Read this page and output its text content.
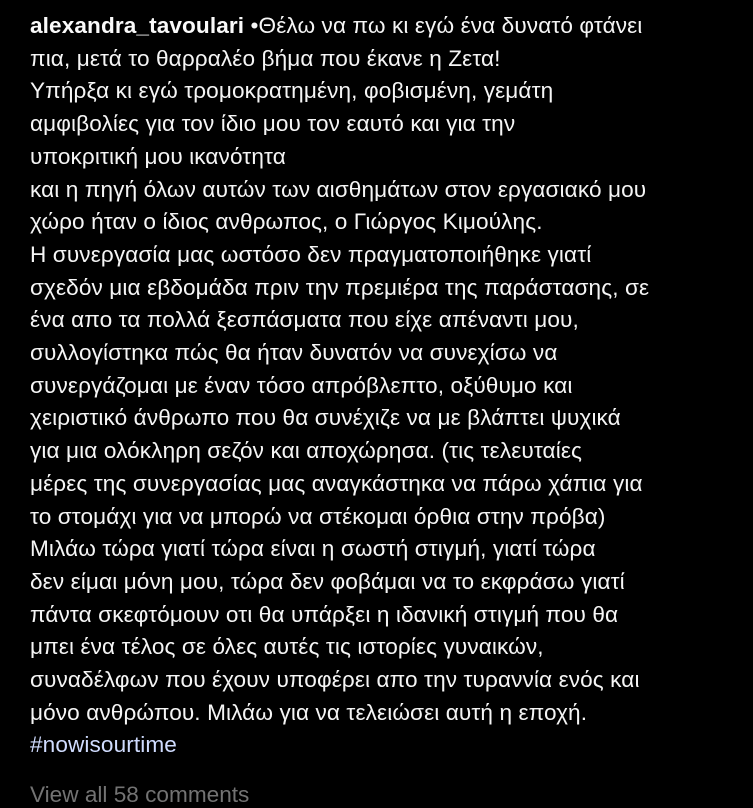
alexandra_tavoulari •Θέλω να πω κι εγώ ένα δυνατό φτάνει
πια, μετά το θαρραλέο βήμα που έκανε η Ζετα!
Υπήρξα κι εγώ τρομοκρατημένη, φοβισμένη, γεμάτη
αμφιβολίες για τον ίδιο μου τον εαυτό και για την
υποκριτική μου ικανότητα
και η πηγή όλων αυτών των αισθημάτων στον εργασιακό μου
χώρο ήταν ο ίδιος ανθρωπος, ο Γιώργος Κιμούλης.
Η συνεργασία μας ωστόσο δεν πραγματοποιήθηκε γιατί
σχεδόν μια εβδομάδα πριν την πρεμιέρα της παράστασης, σε
ένα απο τα πολλά ξεσπάσματα που είχε απέναντι μου,
συλλογίστηκα πώς θα ήταν δυνατόν να συνεχίσω να
συνεργάζομαι με έναν τόσο απρόβλεπτο, οξύθυμο και
χειριστικό άνθρωπο που θα συνέχιζε να με βλάπτει ψυχικά
για μια ολόκληρη σεζόν και αποχώρησα. (τις τελευταίες
μέρες της συνεργασίας μας αναγκάστηκα να πάρω χάπια για
το στομάχι για να μπορώ να στέκομαι όρθια στην πρόβα)
Μιλάω τώρα γιατί τώρα είναι η σωστή στιγμή, γιατί τώρα
δεν είμαι μόνη μου, τώρα δεν φοβάμαι να το εκφράσω γιατί
πάντα σκεφτόμουν οτι θα υπάρξει η ιδανική στιγμή που θα
μπει ένα τέλος σε όλες αυτές τις ιστορίες γυναικών,
συναδέλφων που έχουν υποφέρει απο την τυραννία ενός και
μόνο ανθρώπου. Μιλάω για να τελειώσει αυτή η εποχή.
#nowisourtime
View all 58 comments
